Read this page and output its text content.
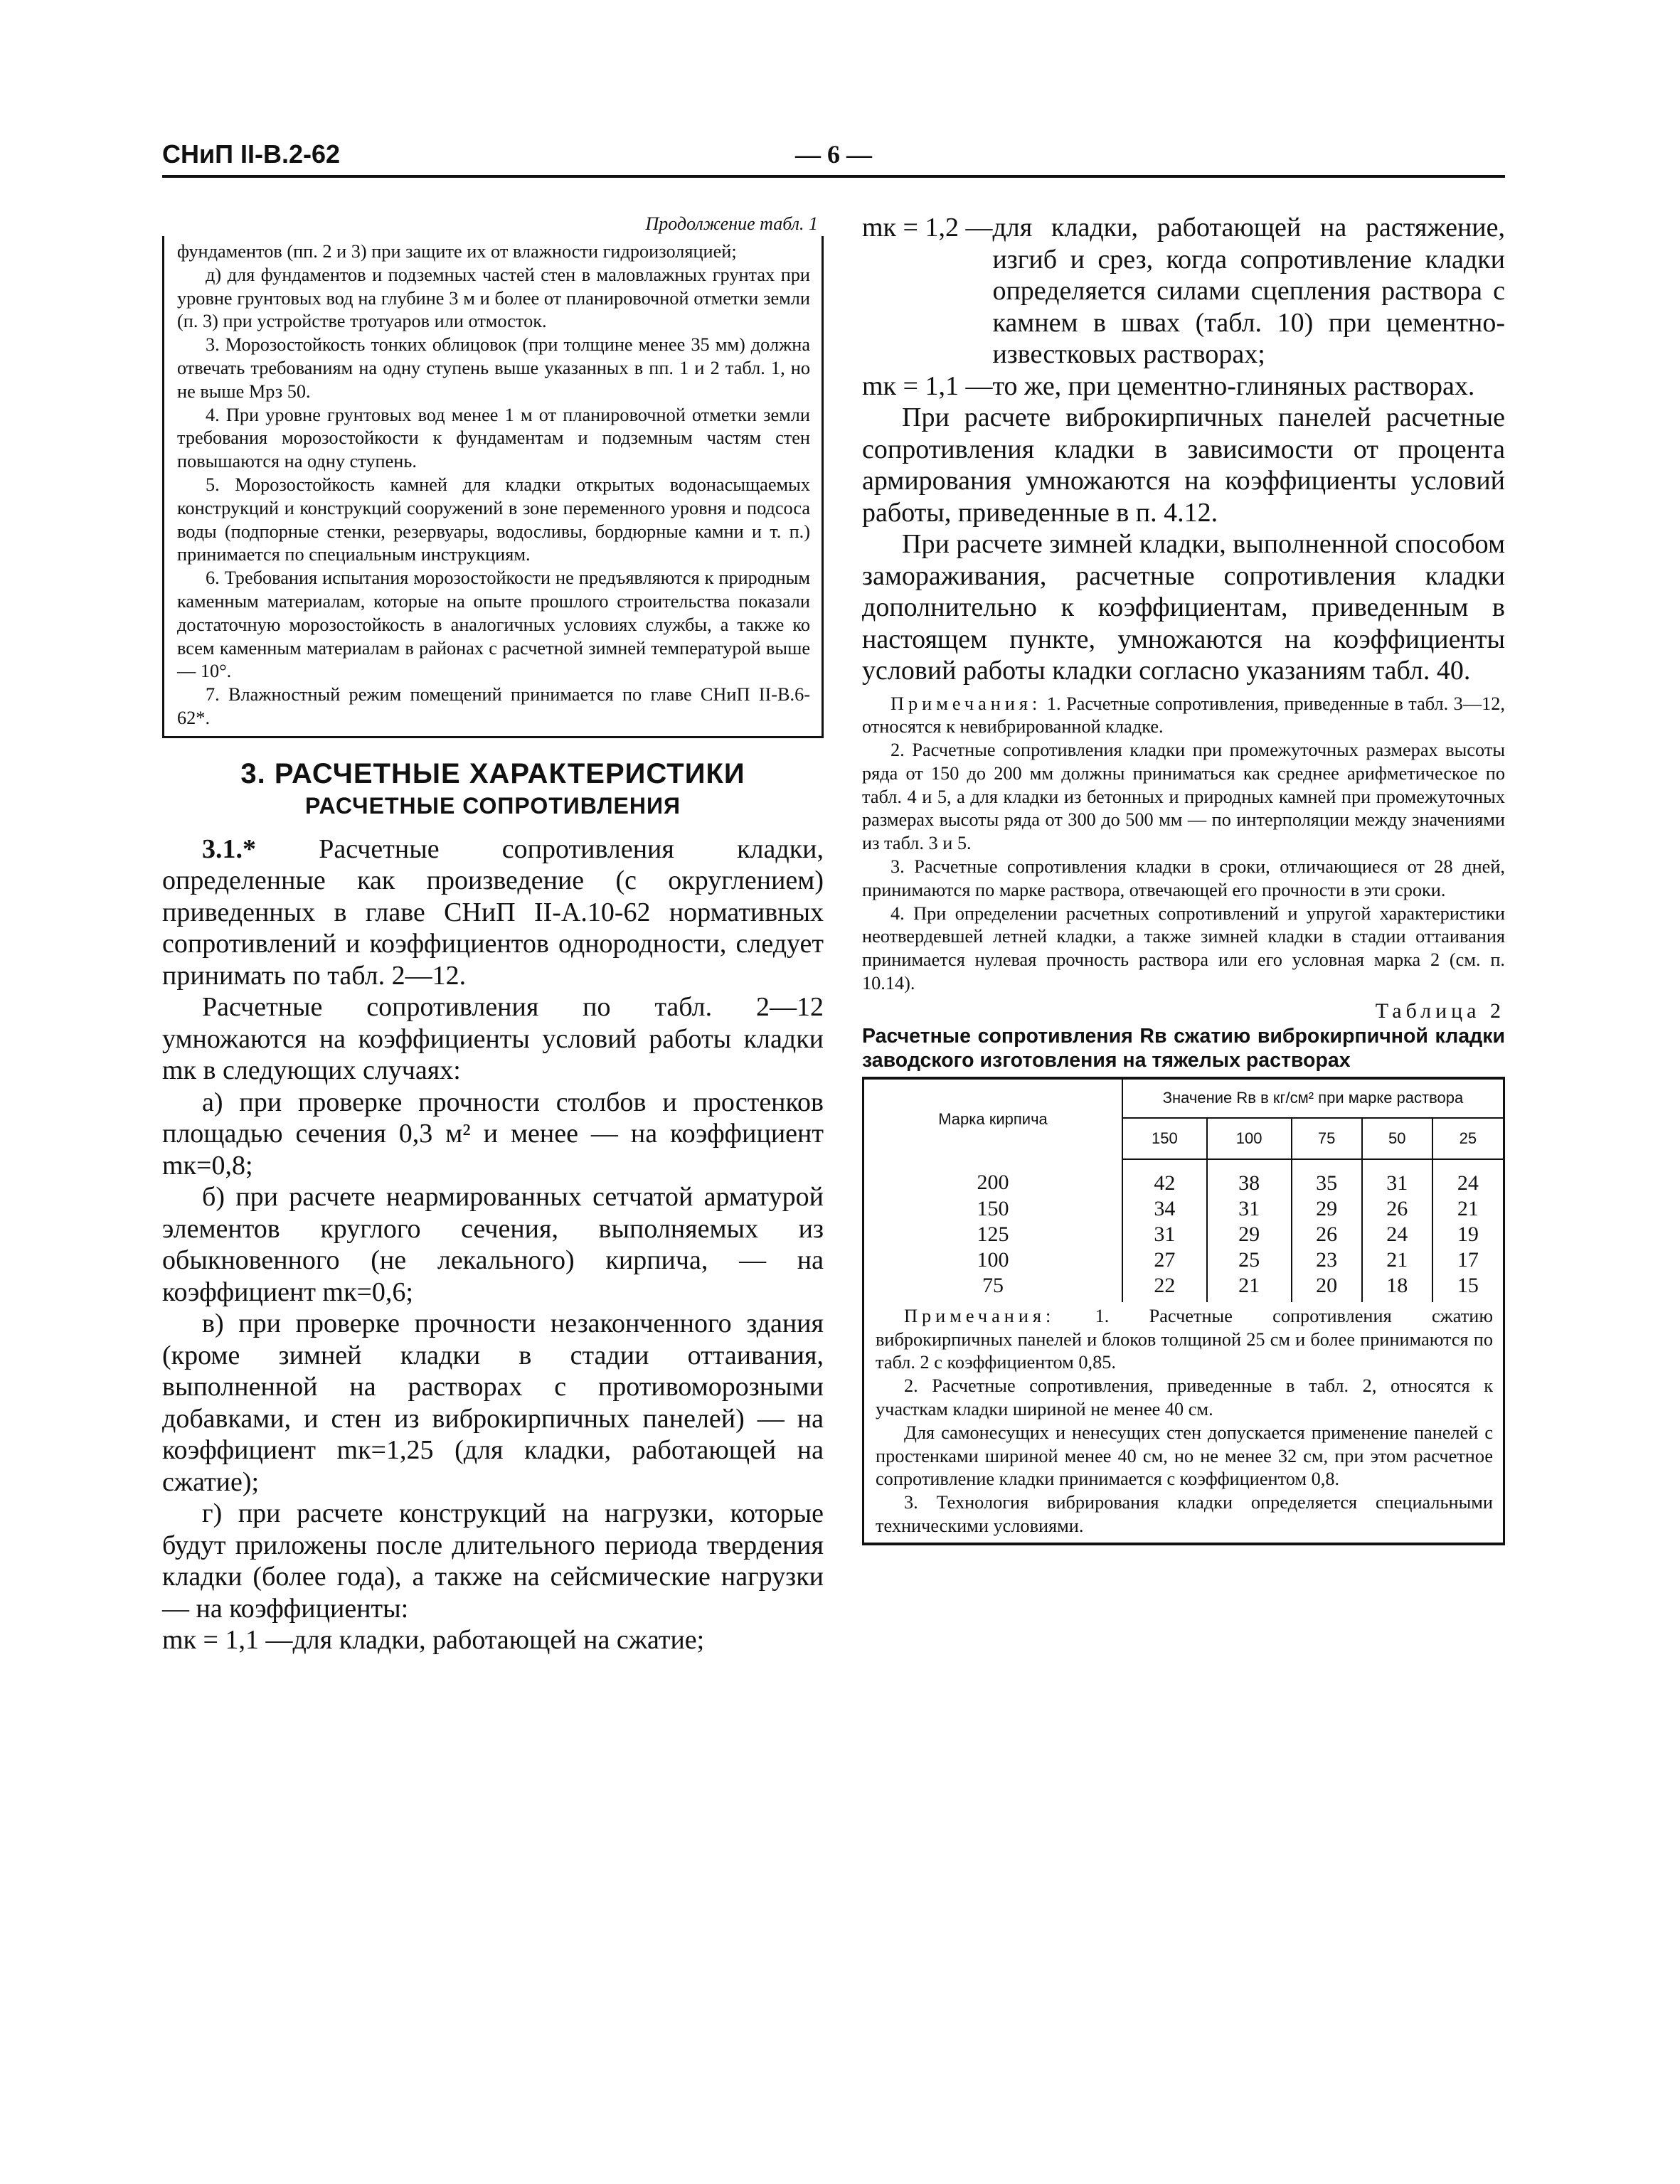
СНиП II-В.2-62	— 6 —
Продолжение табл. 1

фундаментов (пп. 2 и 3) при защите их от влажности гидроизоляцией;

д) для фундаментов и подземных частей стен в маловлажных грунтах при уровне грунтовых вод на глубине 3 м и более от планировочной отметки земли (п. 3) при устройстве тротуаров или отмосток.

3. Морозостойкость тонких облицовок (при толщине менее 35 мм) должна отвечать требованиям на одну ступень выше указанных в пп. 1 и 2 табл. 1, но не выше Мрз 50.

4. При уровне грунтовых вод менее 1 м от планировочной отметки земли требования морозостойкости к фундаментам и подземным частям стен повышаются на одну ступень.

5. Морозостойкость камней для кладки открытых водонасыщаемых конструкций и конструкций сооружений в зоне переменного уровня и подсоса воды (подпорные стенки, резервуары, водосливы, бордюрные камни и т. п.) принимается по специальным инструкциям.

6. Требования испытания морозостойкости не предъявляются к природным каменным материалам, которые на опыте прошлого строительства показали достаточную морозостойкость в аналогичных условиях службы, а также ко всем каменным материалам в районах с расчетной зимней температурой выше — 10°.

7. Влажностный режим помещений принимается по главе СНиП II-В.6-62*.

3. РАСЧЕТНЫЕ ХАРАКТЕРИСТИКИ
РАСЧЕТНЫЕ СОПРОТИВЛЕНИЯ

3.1.* Расчетные сопротивления кладки, определенные как произведение (с округлением) приведенных в главе СНиП II-А.10-62 нормативных сопротивлений и коэффициентов однородности, следует принимать по табл. 2—12.

Расчетные сопротивления по табл. 2—12 умножаются на коэффициенты условий работы кладки mк в следующих случаях:

а) при проверке прочности столбов и простенков площадью сечения 0,3 м² и менее — на коэффициент mк=0,8;

б) при расчете неармированных сетчатой арматурой элементов круглого сечения, выполняемых из обыкновенного (не лекального) кирпича, — на коэффициент mк=0,6;

в) при проверке прочности незаконченного здания (кроме зимней кладки в стадии оттаивания, выполненной на растворах с противоморозными добавками, и стен из виброкирпичных панелей) — на коэффициент mк=1,25 (для кладки, работающей на сжатие);

г) при расчете конструкций на нагрузки, которые будут приложены после длительного периода твердения кладки (более года), а также на сейсмические нагрузки — на коэффициенты:

mк = 1,1 — для кладки, работающей на сжатие;
mк = 1,2 — для кладки, работающей на растяжение, изгиб и срез, когда сопротивление кладки определяется силами сцепления раствора с камнем в швах (табл. 10) при цементно-известковых растворах;
mк = 1,1 — то же, при цементно-глиняных растворах.

При расчете виброкирпичных панелей расчетные сопротивления кладки в зависимости от процента армирования умножаются на коэффициенты условий работы, приведенные в п. 4.12.

При расчете зимней кладки, выполненной способом замораживания, расчетные сопротивления кладки дополнительно к коэффициентам, приведенным в настоящем пункте, умножаются на коэффициенты условий работы кладки согласно указаниям табл. 40.

Примечания: 1. Расчетные сопротивления, приведенные в табл. 3—12, относятся к невибрированной кладке.

2. Расчетные сопротивления кладки при промежуточных размерах высоты ряда от 150 до 200 мм должны приниматься как среднее арифметическое по табл. 4 и 5, а для кладки из бетонных и природных камней при промежуточных размерах высоты ряда от 300 до 500 мм — по интерполяции между значениями из табл. 3 и 5.

3. Расчетные сопротивления кладки в сроки, отличающиеся от 28 дней, принимаются по марке раствора, отвечающей его прочности в эти сроки.

4. При определении расчетных сопротивлений и упругой характеристики неотвердевшей летней кладки, а также зимней кладки в стадии оттаивания принимается нулевая прочность раствора или его условная марка 2 (см. п. 10.14).

Таблица 2
Расчетные сопротивления Rв сжатию виброкирпичной кладки заводского изготовления на тяжелых растворах
Марка кирпича	Значение Rв в кг/см² при марке раствора				
	150	100	75	50	25
200	42	38	35	31	24
150	34	31	29	26	21
125	31	29	26	24	19
100	27	25	23	21	17
75	22	21	20	18	15

Примечания: 1. Расчетные сопротивления сжатию виброкирпичных панелей и блоков толщиной 25 см и более принимаются по табл. 2 с коэффициентом 0,85.

2. Расчетные сопротивления, приведенные в табл. 2, относятся к участкам кладки шириной не менее 40 см.

Для самонесущих и ненесущих стен допускается применение панелей с простенками шириной менее 40 см, но не менее 32 см, при этом расчетное сопротивление кладки принимается с коэффициентом 0,8.

3. Технология вибрирования кладки определяется специальными техническими условиями.
